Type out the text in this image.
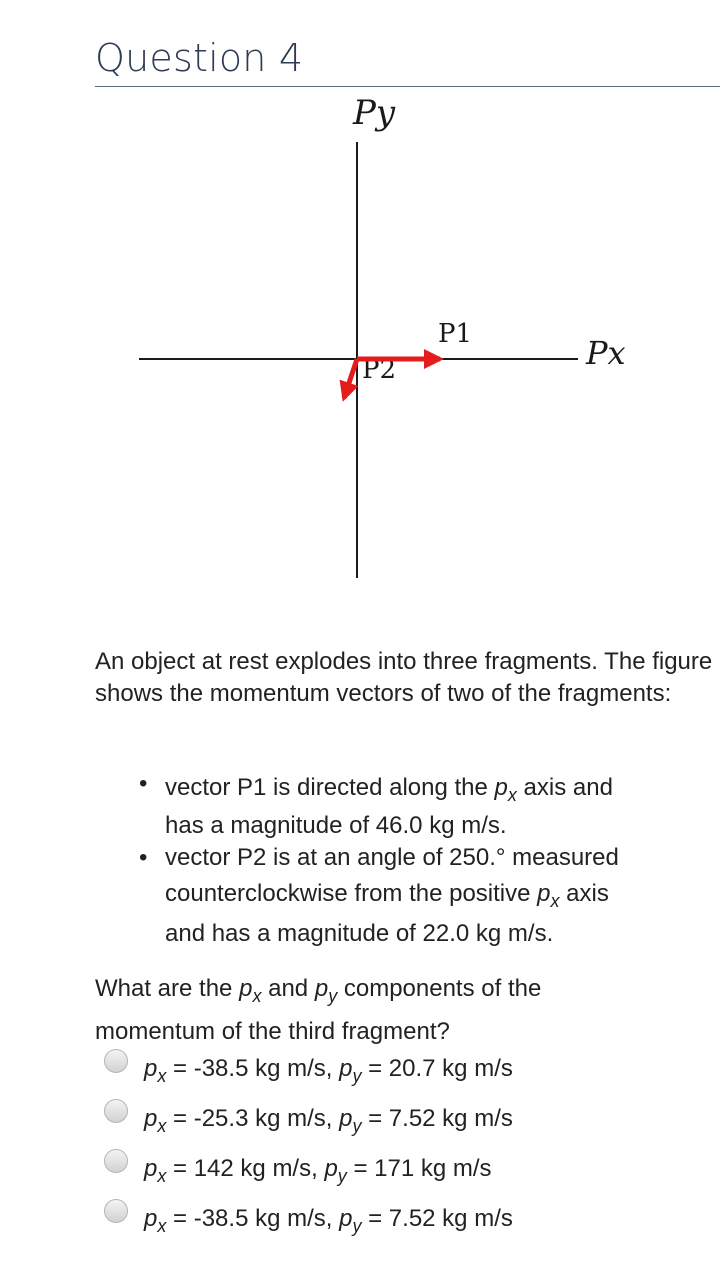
Question 4
Py
Px
P1
P2
An object at rest explodes into three fragments. The figure shows the momentum vectors of two of the fragments:
• vector P1 is directed along the $p_x$ axis and
has a magnitude of 46.0 kg m/s.
• vector P2 is at an angle of 250.° measured

counterclockwise from the positive $p_x$ axis
and has a magnitude of 22.0 kg m/s.
What are the $p_x$ and $p_y$ components of the
momentum of the third fragment?
$p_x = -38.5$ kg m/s, $p_y = 20.7$ kg m/s
$p_x = -25.3$ kg m/s, $p_y = 7.52$ kg m/s
$p_x = 142$ kg m/s, $p_y = 171$ kg m/s
$p_x = -38.5$ kg m/s, $p_y = 7.52$ kg m/s
